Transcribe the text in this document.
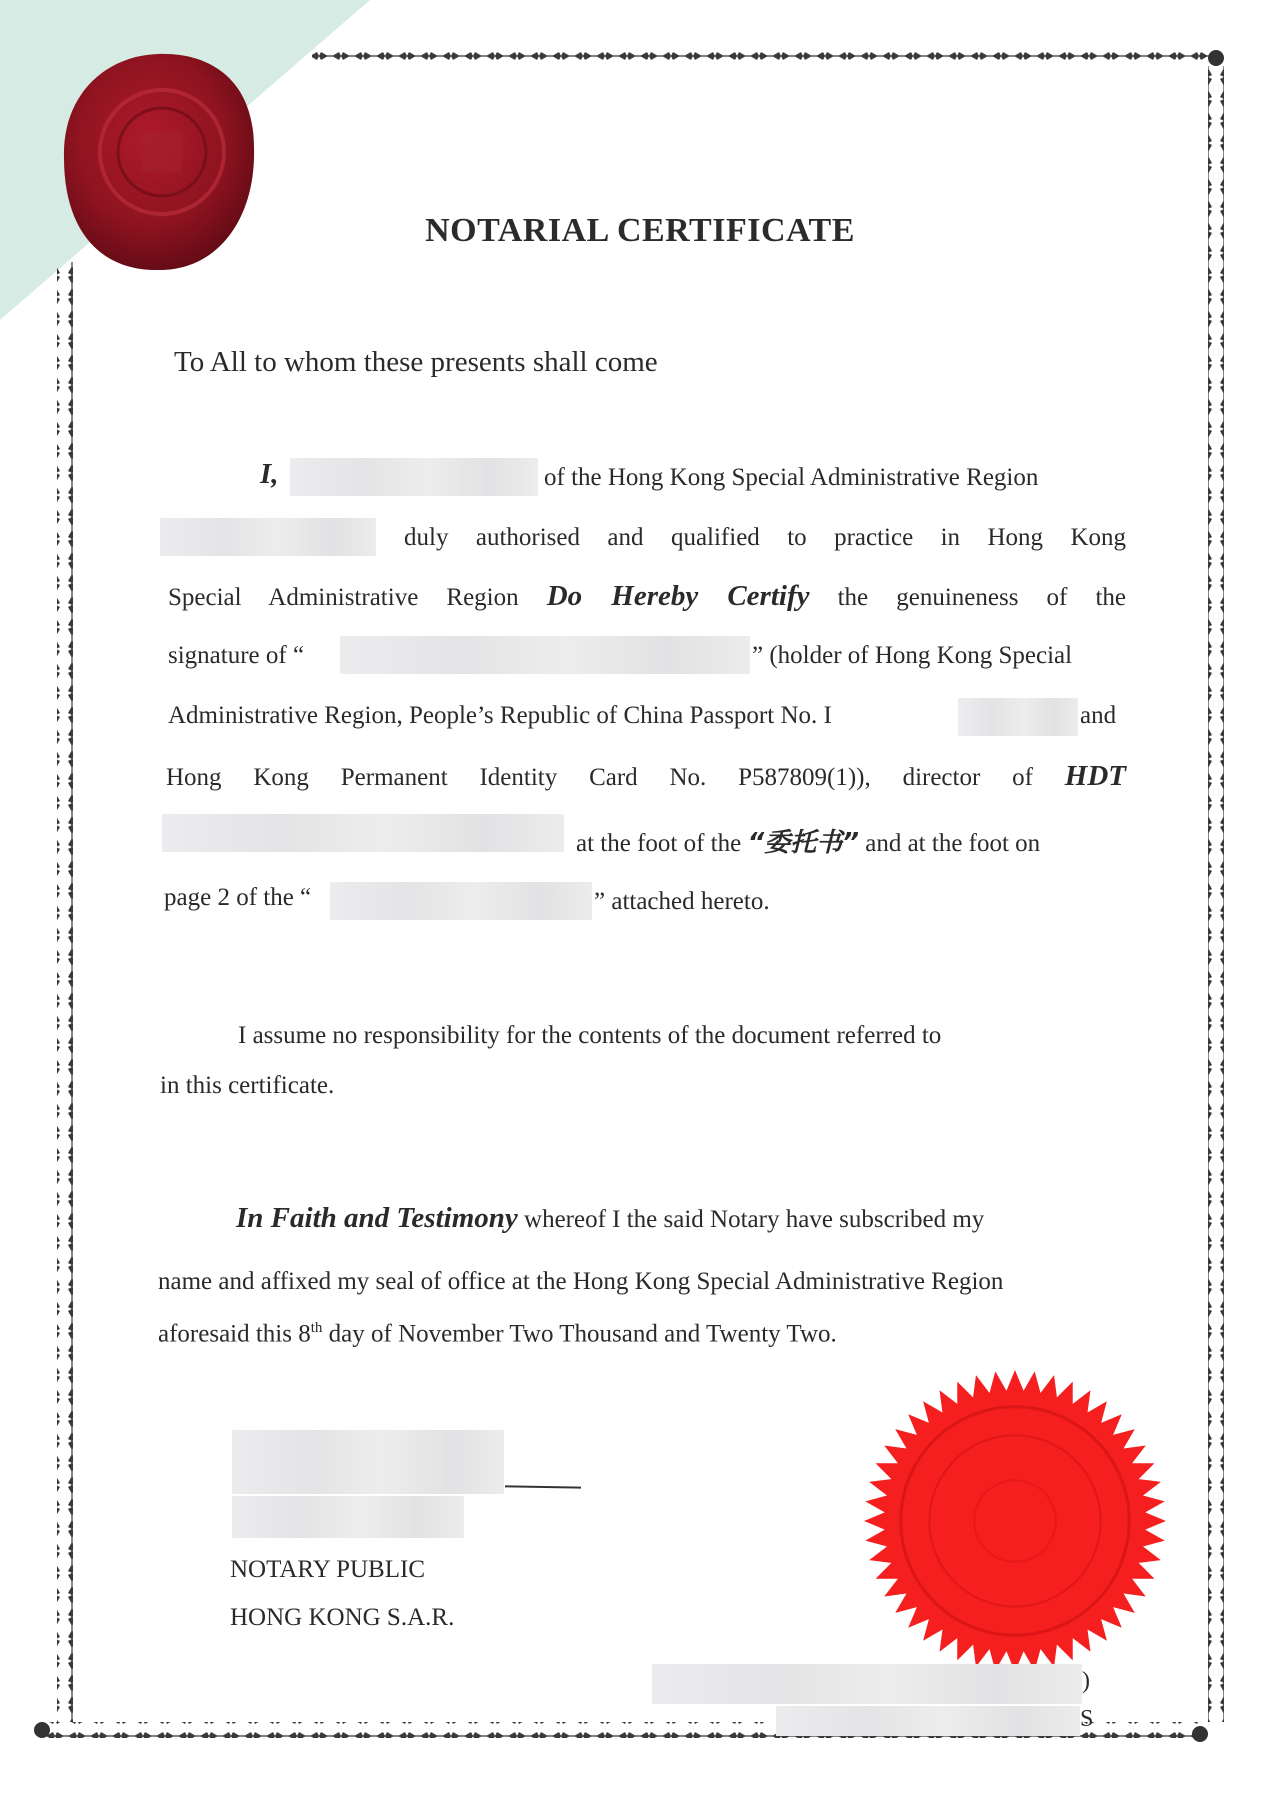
NOTARIAL CERTIFICATE
To All to whom these presents shall come
I,	of the Hong Kong Special Administrative Region
duly authorised and qualified to practice in Hong Kong
Special Administrative Region Do Hereby Certify the genuineness of the
signature of “	” (holder of Hong Kong Special
Administrative Region, People’s Republic of China Passport No. I	and
Hong Kong Permanent Identity Card No. P587809(1)), director of HDT
at the foot of the “委托书” and at the foot on
page 2 of the “	” attached hereto.
I assume no responsibility for the contents of the document referred to
in this certificate.
In Faith and Testimony whereof I the said Notary have subscribed my
name and affixed my seal of office at the Hong Kong Special Administrative Region
aforesaid this 8th day of November Two Thousand and Twenty Two.
NOTARY PUBLIC
HONG KONG S.A.R.
)
S
